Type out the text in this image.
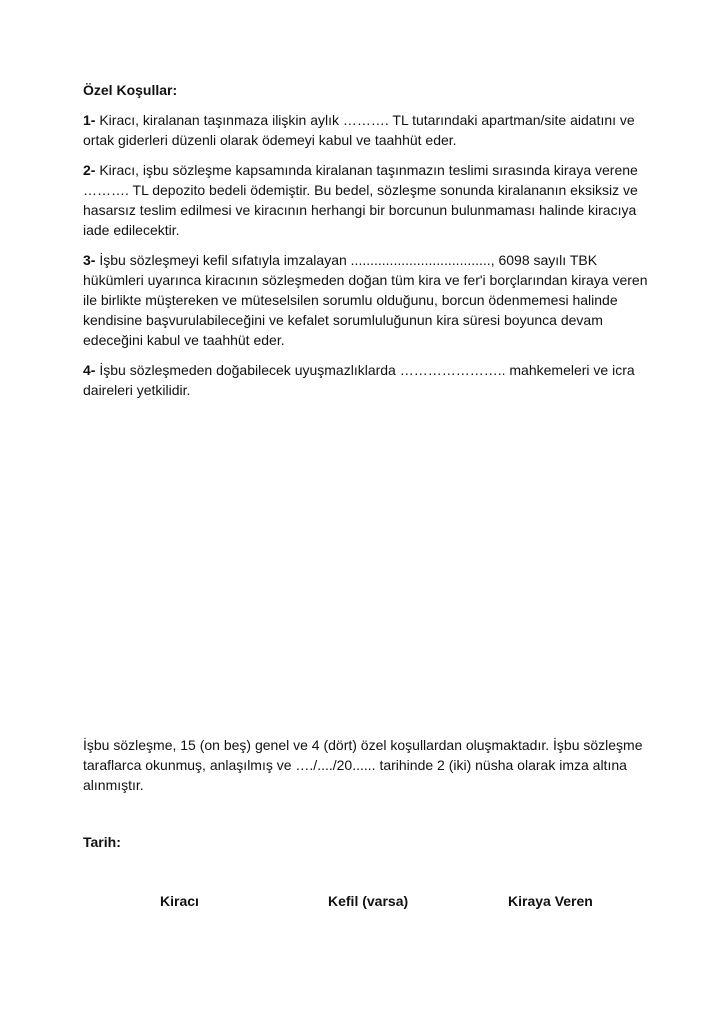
Özel Koşullar:
1- Kiracı, kiralanan taşınmaza ilişkin aylık ………. TL tutarındaki apartman/site aidatını ve ortak giderleri düzenli olarak ödemeyi kabul ve taahhüt eder.
2- Kiracı, işbu sözleşme kapsamında kiralanan taşınmazın teslimi sırasında kiraya verene ………. TL depozito bedeli ödemiştir. Bu bedel, sözleşme sonunda kiralananın eksiksiz ve hasarsız teslim edilmesi ve kiracının herhangi bir borcunun bulunmaması halinde kiracıya iade edilecektir.
3- İşbu sözleşmeyi kefil sıfatıyla imzalayan ...................................., 6098 sayılı TBK hükümleri uyarınca kiracının sözleşmeden doğan tüm kira ve fer'i borçlarından kiraya veren ile birlikte müştereken ve müteselsilen sorumlu olduğunu, borcun ödenmemesi halinde kendisine başvurulabileceğini ve kefalet sorumluluğunun kira süresi boyunca devam edeceğini kabul ve taahhüt eder.
4- İşbu sözleşmeden doğabilecek uyuşmazlıklarda ………………….. mahkemeleri ve icra daireleri yetkilidir.
İşbu sözleşme, 15 (on beş) genel ve 4 (dört) özel koşullardan oluşmaktadır. İşbu sözleşme taraflarca okunmuş, anlaşılmış ve …./..../20...... tarihinde 2 (iki) nüsha olarak imza altına alınmıştır.
Tarih:
Kiracı	Kefil (varsa)	Kiraya Veren
